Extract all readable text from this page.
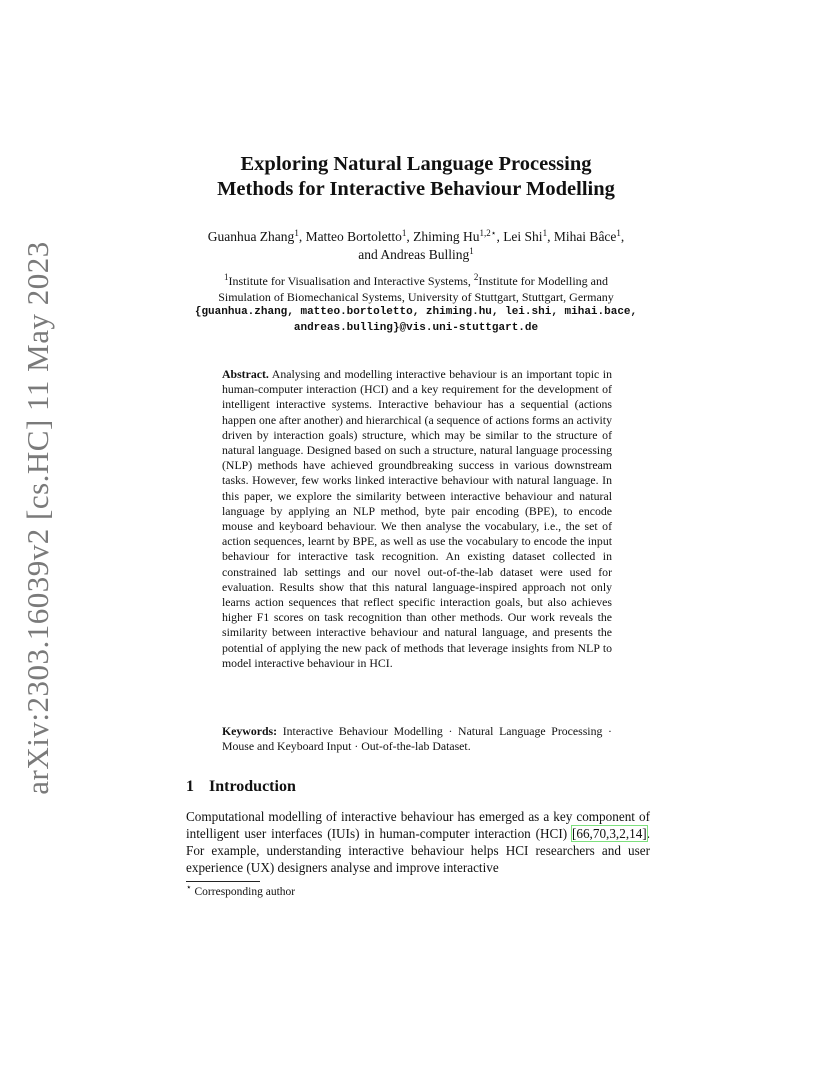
arXiv:2303.16039v2 [cs.HC] 11 May 2023
Exploring Natural Language Processing
Methods for Interactive Behaviour Modelling
Guanhua Zhang$^1$, Matteo Bortoletto$^1$, Zhiming $Hu^{1,2⋆}$, Lei Shi$^1$, Mihai Bâce$^1$,
and Andreas Bulling$^1$
$^1$Institute for Visualisation and Interactive Systems, $^2$Institute for Modelling and
Simulation of Biomechanical Systems, University of Stuttgart, Stuttgart, Germany
{guanhua.zhang, matteo.bortoletto, zhiming.hu, lei.shi, mihai.bace,
andreas.bulling}@vis.uni-stuttgart.de
Abstract. Analysing and modelling interactive behaviour is an important topic in human-computer interaction (HCI) and a key requirement for the development of intelligent interactive systems. Interactive behaviour has a sequential (actions happen one after another) and hierarchical (a sequence of actions forms an activity driven by interaction goals) structure, which may be similar to the structure of natural language. Designed based on such a structure, natural language processing (NLP) methods have achieved groundbreaking success in various downstream tasks. However, few works linked interactive behaviour with natural language. In this paper, we explore the similarity between interactive behaviour and natural language by applying an NLP method, byte pair encoding (BPE), to encode mouse and keyboard behaviour. We then analyse the vocabulary, i.e., the set of action sequences, learnt by BPE, as well as use the vocabulary to encode the input behaviour for interactive task recognition. An existing dataset collected in constrained lab settings and our novel out-of-the-lab dataset were used for evaluation. Results show that this natural language-inspired approach not only learns action sequences that reflect specific interaction goals, but also achieves higher F1 scores on task recognition than other methods. Our work reveals the similarity between interactive behaviour and natural language, and presents the potential of applying the new pack of methods that leverage insights from NLP to model interactive behaviour in HCI.
Keywords: Interactive Behaviour Modelling · Natural Language Processing · Mouse and Keyboard Input · Out-of-the-lab Dataset.
1 Introduction
Computational modelling of interactive behaviour has emerged as a key component of intelligent user interfaces (IUIs) in human-computer interaction (HCI) [66,70,3,2,14]. For example, understanding interactive behaviour helps HCI researchers and user experience (UX) designers analyse and improve interactive
⋆ Corresponding author
